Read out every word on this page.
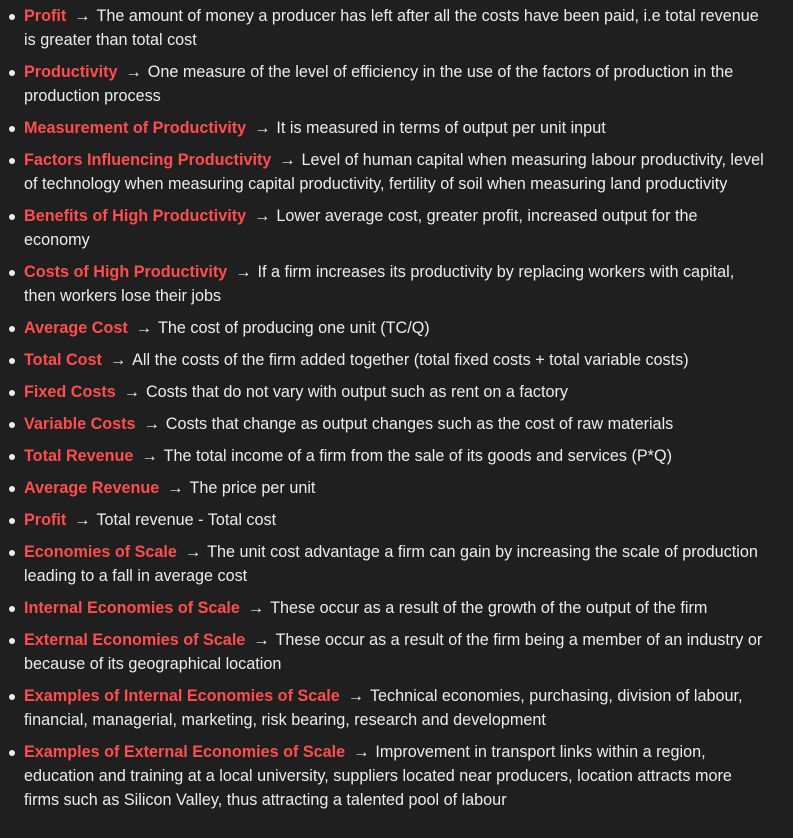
Profit → The amount of money a producer has left after all the costs have been paid, i.e total revenue is greater than total cost
Productivity → One measure of the level of efficiency in the use of the factors of production in the production process
Measurement of Productivity → It is measured in terms of output per unit input
Factors Influencing Productivity → Level of human capital when measuring labour productivity, level of technology when measuring capital productivity, fertility of soil when measuring land productivity
Benefits of High Productivity → Lower average cost, greater profit, increased output for the economy
Costs of High Productivity → If a firm increases its productivity by replacing workers with capital, then workers lose their jobs
Average Cost → The cost of producing one unit (TC/Q)
Total Cost → All the costs of the firm added together (total fixed costs + total variable costs)
Fixed Costs → Costs that do not vary with output such as rent on a factory
Variable Costs → Costs that change as output changes such as the cost of raw materials
Total Revenue → The total income of a firm from the sale of its goods and services (P*Q)
Average Revenue → The price per unit
Profit → Total revenue - Total cost
Economies of Scale → The unit cost advantage a firm can gain by increasing the scale of production leading to a fall in average cost
Internal Economies of Scale → These occur as a result of the growth of the output of the firm
External Economies of Scale → These occur as a result of the firm being a member of an industry or because of its geographical location
Examples of Internal Economies of Scale → Technical economies, purchasing, division of labour, financial, managerial, marketing, risk bearing, research and development
Examples of External Economies of Scale → Improvement in transport links within a region, education and training at a local university, suppliers located near producers, location attracts more firms such as Silicon Valley, thus attracting a talented pool of labour
